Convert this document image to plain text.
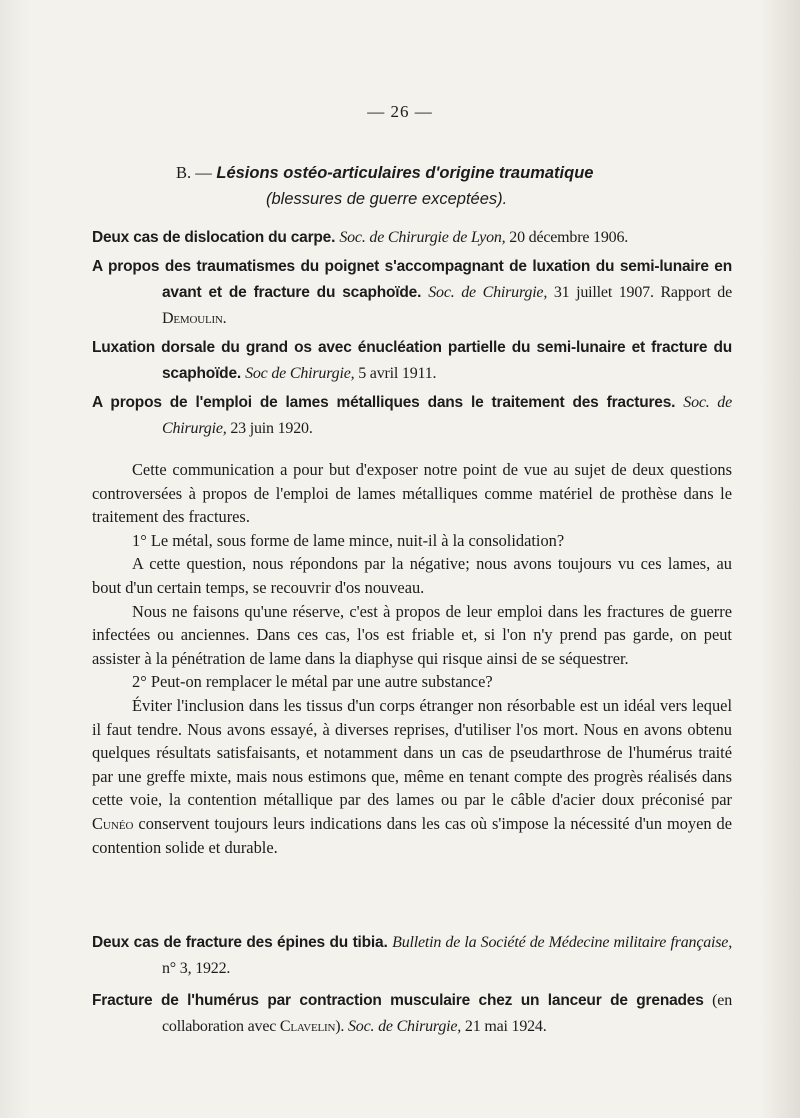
— 26 —
B. — Lésions ostéo-articulaires d'origine traumatique
(blessures de guerre exceptées).
Deux cas de dislocation du carpe. Soc. de Chirurgie de Lyon, 20 décembre 1906.
A propos des traumatismes du poignet s'accompagnant de luxation du semi-lunaire en avant et de fracture du scaphoïde. Soc. de Chirurgie, 31 juillet 1907. Rapport de Demoulin.
Luxation dorsale du grand os avec énucléation partielle du semi-lunaire et fracture du scaphoïde. Soc de Chirurgie, 5 avril 1911.
A propos de l'emploi de lames métalliques dans le traitement des fractures. Soc. de Chirurgie, 23 juin 1920.

Cette communication a pour but d'exposer notre point de vue au sujet de deux questions controversées à propos de l'emploi de lames métalliques comme matériel de prothèse dans le traitement des fractures.

1° Le métal, sous forme de lame mince, nuit-il à la consolidation?

A cette question, nous répondons par la négative; nous avons toujours vu ces lames, au bout d'un certain temps, se recouvrir d'os nouveau.

Nous ne faisons qu'une réserve, c'est à propos de leur emploi dans les fractures de guerre infectées ou anciennes. Dans ces cas, l'os est friable et, si l'on n'y prend pas garde, on peut assister à la pénétration de lame dans la diaphyse qui risque ainsi de se séquestrer.

2° Peut-on remplacer le métal par une autre substance?

Éviter l'inclusion dans les tissus d'un corps étranger non résorbable est un idéal vers lequel il faut tendre. Nous avons essayé, à diverses reprises, d'utiliser l'os mort. Nous en avons obtenu quelques résultats satisfaisants, et notamment dans un cas de pseudarthrose de l'humérus traité par une greffe mixte, mais nous estimons que, même en tenant compte des progrès réalisés dans cette voie, la contention métallique par des lames ou par le câble d'acier doux préconisé par Cunéo conservent toujours leurs indications dans les cas où s'impose la nécessité d'un moyen de contention solide et durable.

Deux cas de fracture des épines du tibia. Bulletin de la Société de Médecine militaire française, n° 3, 1922.
Fracture de l'humérus par contraction musculaire chez un lanceur de grenades (en collaboration avec Clavelin). Soc. de Chirurgie, 21 mai 1924.
